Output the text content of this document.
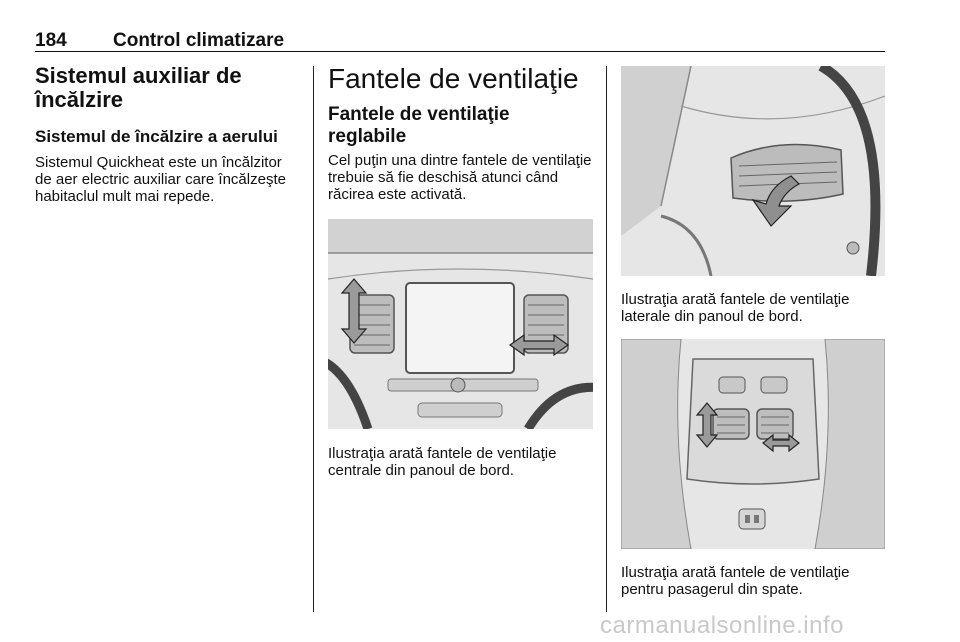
184 Control climatizare
Sistemul auxiliar de încălzire
Sistemul de încălzire a aerului

Sistemul Quickheat este un încălzitor de aer electric auxiliar care încălzeşte habitaclul mult mai repede.

Fantele de ventilaţie
Fantele de ventilaţie reglabile

Cel puţin una dintre fantele de ventilaţie trebuie să fie deschisă atunci când răcirea este activată.

Ilustraţia arată fantele de ventilaţie centrale din panoul de bord.

Ilustraţia arată fantele de ventilaţie laterale din panoul de bord.

Ilustraţia arată fantele de ventilaţie pentru pasagerul din spate.

carmanualsonline.info
